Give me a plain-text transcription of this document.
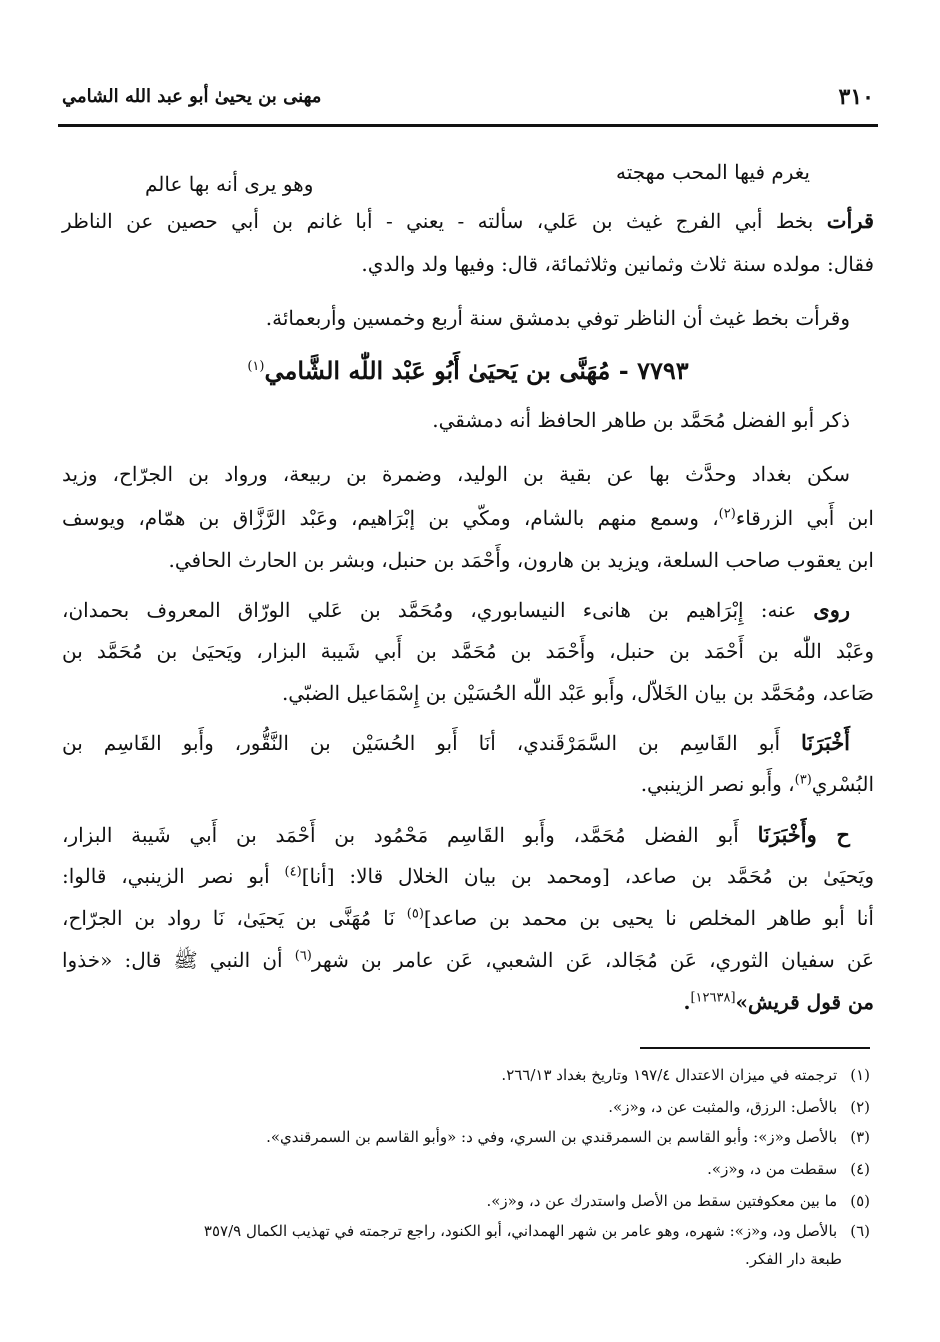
٣١٠
مهنى بن يحيىٰ أبو عبد الله الشامي
يغرم فيها المحب مهجته
وهو يرى أنه بها عالم
قرأت بخط أبي الفرج غيث بن عَلي، سألته - يعني - أبا غانم بن أبي حصين عن الناظر
فقال: مولده سنة ثلاث وثمانين وثلاثمائة، قال: وفيها ولد والدي.
وقرأت بخط غيث أن الناظر توفي بدمشق سنة أربع وخمسين وأربعمائة.
٧٧٩٣ - مُهَنَّى بن يَحيَىٰ أَبُو عَبْد اللّٰه الشَّامي$^{(١)}$
ذكر أبو الفضل مُحَمَّد بن طاهر الحافظ أنه دمشقي.
سكن بغداد وحدَّث بها عن بقية بن الوليد، وضمرة بن ربيعة، ورواد بن الجرّاح، وزيد
ابن أَبي الزرقاء$^{(٢)}$، وسمع منهم بالشام، ومكّي بن إبْرَاهيم، وعَبْد الرَّزَّاق بن همّام، ويوسف
ابن يعقوب صاحب السلعة، ويزيد بن هارون، وأَحْمَد بن حنبل، وبشر بن الحارث الحافي.
روى عنه: إِبْرَاهيم بن هانىء النيسابوري، ومُحَمَّد بن عَلي الورّاق المعروف بحمدان،
وعَبْد اللّٰه بن أَحْمَد بن حنبل، وأَحْمَد بن مُحَمَّد بن أَبي شَيبة البزار، ويَحيَىٰ بن مُحَمَّد بن
صَاعد، ومُحَمَّد بن بيان الخَلاّل، وأَبو عَبْد اللّٰه الحُسَيْن بن إِسْمَاعيل الضبّي.
أَخْبَرَنَا أَبو القَاسِم بن السَّمَرْقَندي، أنَا أَبو الحُسَيْن بن النَّقُّور، وأَبو القَاسِم بن
البُسْري$^{(٣)}$، وأَبو نصر الزينبي.
ح وأَخْبَرَنَا أَبو الفضل مُحَمَّد، وأَبو القَاسِم مَحْمُود بن أَحْمَد بن أَبي شَيبة البزار،
ويَحيَىٰ بن مُحَمَّد بن صاعد، [ومحمد بن بيان الخلال قالا: [أنا]$^{(٤)}$ أبو نصر الزينبي، قالوا:
أنا أبو طاهر المخلص نا يحيى بن محمد بن صاعد]$^{(٥)}$ نَا مُهَنَّى بن يَحيَىٰ، نَا رواد بن الجرّاح،
عَن سفيان الثوري، عَن مُجَالد، عَن الشعبي، عَن عامر بن شهر$^{(٦)}$ أن النبي ﷺ قال: «خذوا
من قول قريش»[١٢٦٣٨].
(١) ترجمته في ميزان الاعتدال ١٩٧/٤ وتاريخ بغداد ٢٦٦/١٣.
(٢) بالأصل: الرزق، والمثبت عن د، و«ز».
(٣) بالأصل و«ز»: وأبو القاسم بن السمرقندي بن السري، وفي د: «وأبو القاسم بن السمرقندي».
(٤) سقطت من د، و«ز».
(٥) ما بين معكوفتين سقط من الأصل واستدرك عن د، و«ز».
(٦) بالأصل ود، و«ز»: شهره، وهو عامر بن شهر الهمداني، أبو الكنود، راجع ترجمته في تهذيب الكمال ٣٥٧/٩
طبعة دار الفكر.
